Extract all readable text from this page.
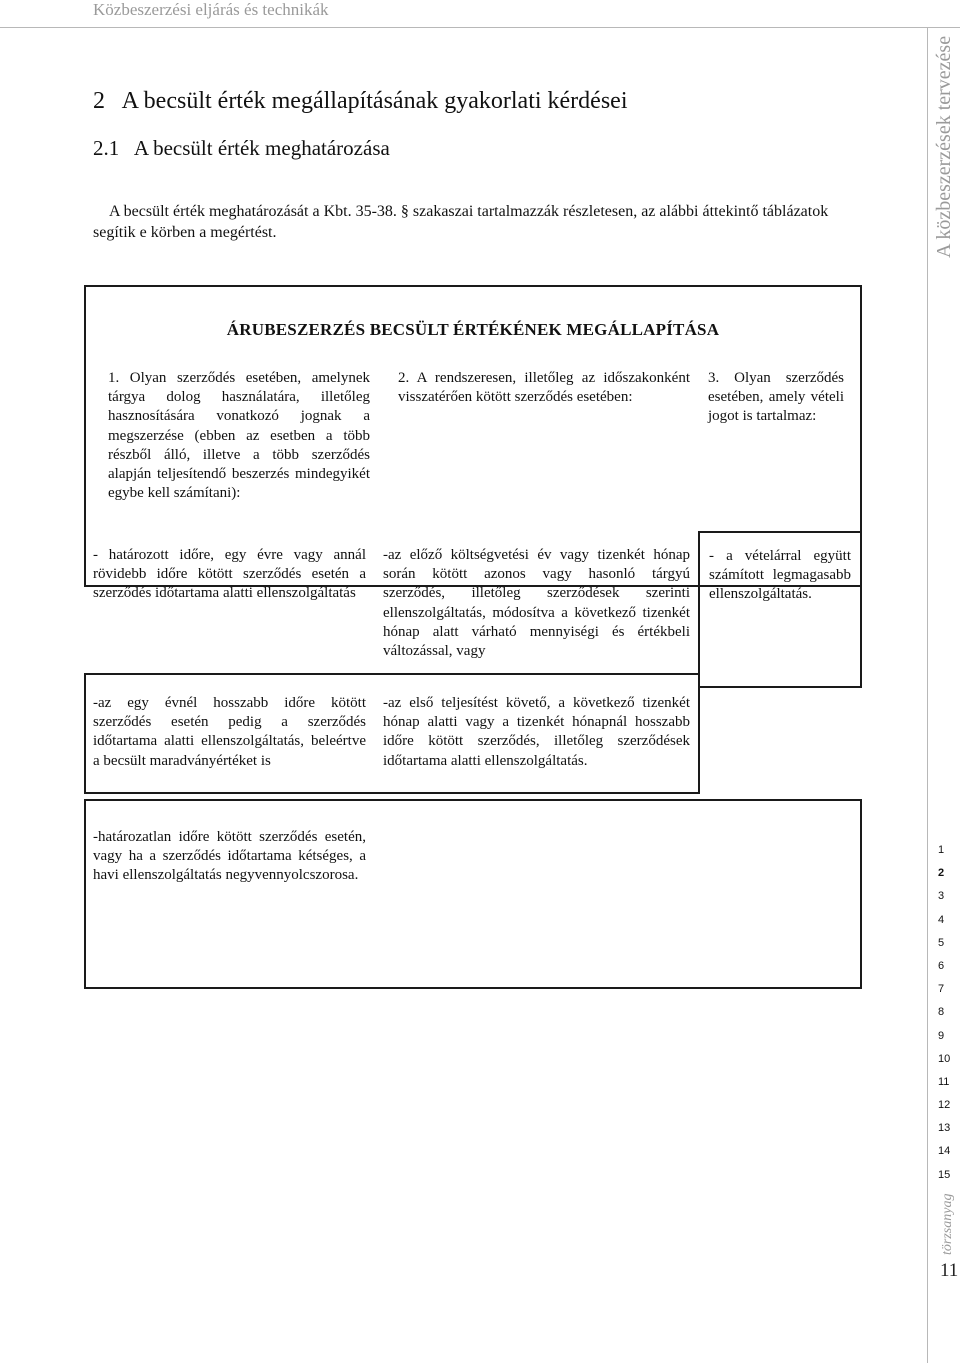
Közbeszerzési eljárás és technikák
A közbeszerzések tervezése
2   A becsült érték megállapításának gyakorlati kérdései
2.1   A becsült érték meghatározása

A becsült érték meghatározását a Kbt. 35-38. § szakaszai tartalmazzák részletesen, az alábbi áttekintő táblázatok segítik e körben a megértést.

ÁRUBESZERZÉS BECSÜLT ÉRTÉKÉNEK MEGÁLLAPÍTÁSA

1. Olyan szerződés esetében, amelynek tárgya dolog használatára, illetőleg hasznosítására vonatkozó jognak a megszerzése (ebben az esetben a több részből álló, illetve a több szerződés alapján teljesítendő beszerzés mindegyikét egybe kell számítani):

2. A rendszeresen, illetőleg az időszakonként visszatérően kötött szerződés esetében:

3. Olyan szerződés esetében, amely vételi jogot is tartalmaz:

- határozott időre, egy évre vagy annál rövidebb időre kötött szerződés esetén a szerződés időtartama alatti ellenszolgáltatás

-az előző költségvetési év vagy tizenkét hónap során kötött azonos vagy hasonló tárgyú szerződés, illetőleg szerződések szerinti ellenszolgáltatás, módosítva a következő tizenkét hónap alatt várható mennyiségi és értékbeli változással, vagy

- a vételárral együtt számított legmagasabb ellenszolgáltatás.

-az egy évnél hosszabb időre kötött szerződés esetén pedig a szerződés időtartama alatti ellenszolgáltatás, beleértve a becsült maradványértéket is

-az első teljesítést követő, a következő tizenkét hónap alatti vagy a tizenkét hónapnál hosszabb időre kötött szerződés, illetőleg szerződések időtartama alatti ellenszolgáltatás.

-határozatlan időre kötött szerződés esetén, vagy ha a szerződés időtartama kétséges, a havi ellenszolgáltatás negyvennyolcszorosa.

1
2
3
4
5
6
7
8
9
10
11
12
13
14
15
törzsanyag
11
